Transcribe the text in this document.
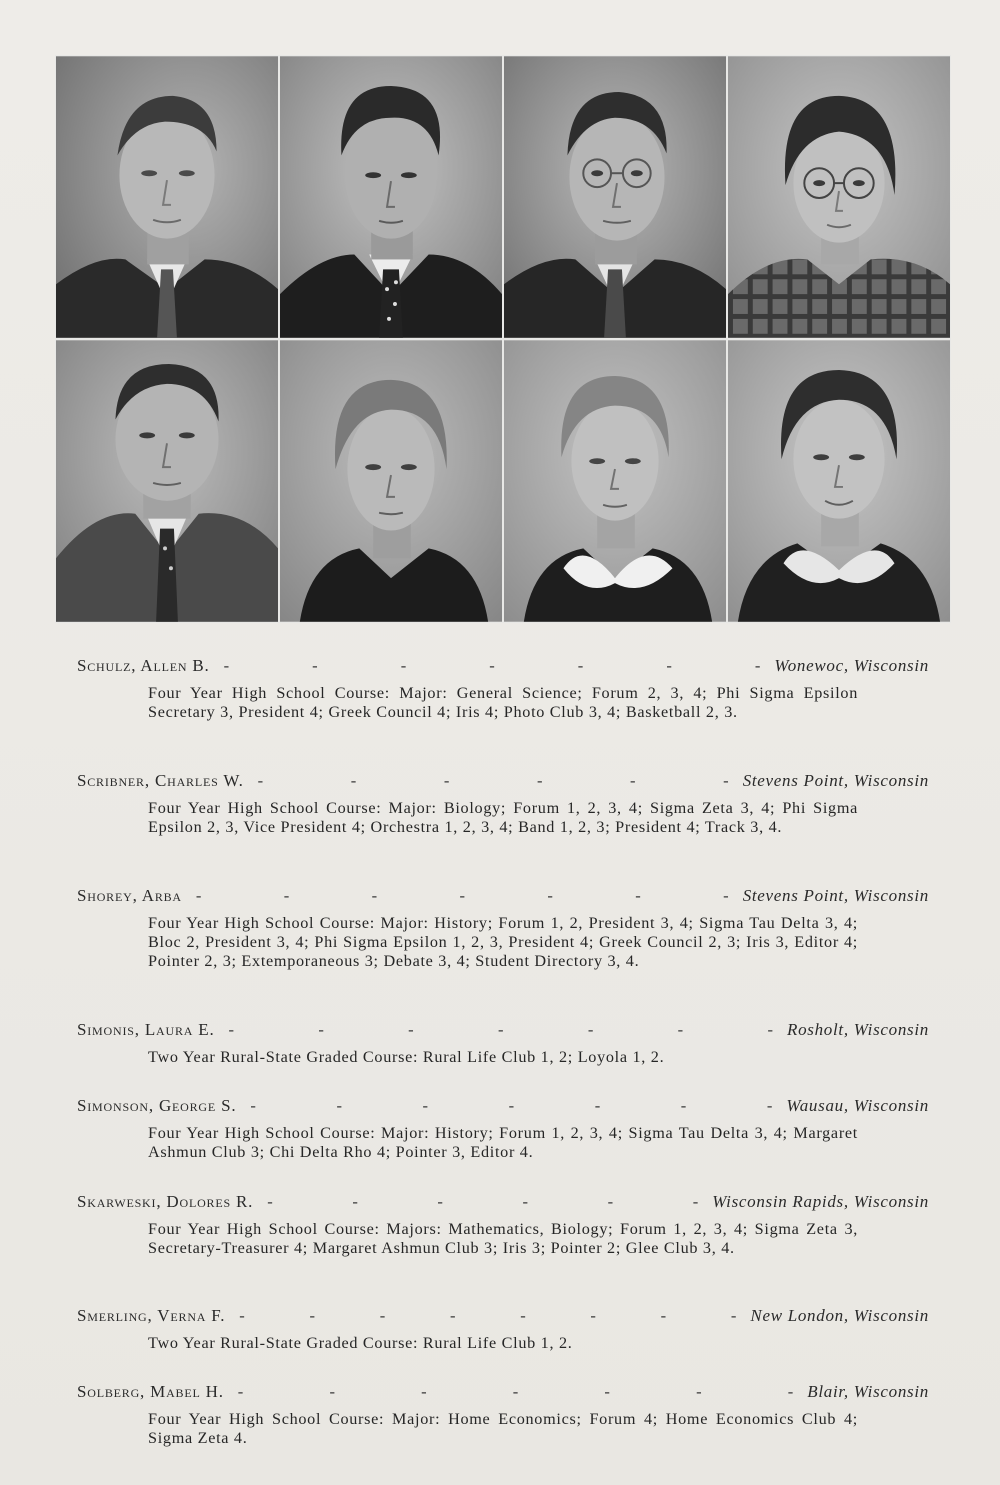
Schulz, Allen B. -	-	-	-	-	-	- Wonewoc, Wisconsin
Four Year High School Course: Major: General Science; Forum 2, 3, 4; Phi Sigma Epsilon Secretary 3, President 4; Greek Council 4; Iris 4; Photo Club 3, 4; Basketball 2, 3.
Scribner, Charles W. -	-	-	-	-	- Stevens Point, Wisconsin
Four Year High School Course: Major: Biology; Forum 1, 2, 3, 4; Sigma Zeta 3, 4; Phi Sigma Epsilon 2, 3, Vice President 4; Orchestra 1, 2, 3, 4; Band 1, 2, 3; President 4; Track 3, 4.
Shorey, Arba -	-	-	-	-	-	- Stevens Point, Wisconsin
Four Year High School Course: Major: History; Forum 1, 2, President 3, 4; Sigma Tau Delta 3, 4; Bloc 2, President 3, 4; Phi Sigma Epsilon 1, 2, 3, President 4; Greek Council 2, 3; Iris 3, Editor 4; Pointer 2, 3; Extemporaneous 3; Debate 3, 4; Student Directory 3, 4.
Simonis, Laura E. -	-	-	-	-	-	- Rosholt, Wisconsin
Two Year Rural-State Graded Course: Rural Life Club 1, 2; Loyola 1, 2.
Simonson, George S. -	-	-	-	-	-	- Wausau, Wisconsin
Four Year High School Course: Major: History; Forum 1, 2, 3, 4; Sigma Tau Delta 3, 4; Margaret Ashmun Club 3; Chi Delta Rho 4; Pointer 3, Editor 4.
Skarweski, Dolores R. -	-	-	-	-	- Wisconsin Rapids, Wisconsin
Four Year High School Course: Majors: Mathematics, Biology; Forum 1, 2, 3, 4; Sigma Zeta 3, Secretary-Treasurer 4; Margaret Ashmun Club 3; Iris 3; Pointer 2; Glee Club 3, 4.
Smerling, Verna F. -	-	-	-	-	-	-	- New London, Wisconsin
Two Year Rural-State Graded Course: Rural Life Club 1, 2.
Solberg, Mabel H. -	-	-	-	-	-	- Blair, Wisconsin
Four Year High School Course: Major: Home Economics; Forum 4; Home Economics Club 4; Sigma Zeta 4.
